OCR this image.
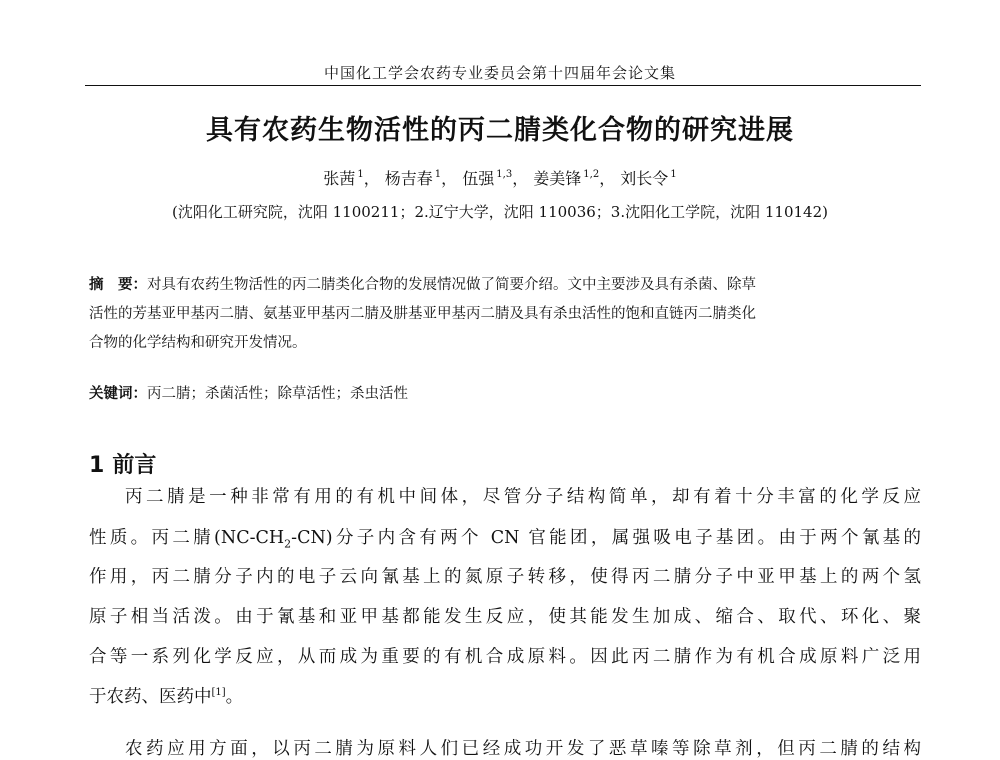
中国化工学会农药专业委员会第十四届年会论文集
具有农药生物活性的丙二腈类化合物的研究进展
张茜 $^1$， 杨吉春 $^1$， 伍强 $^{1,3}$， 姜美锋 $^{1,2}$， 刘长令 $^1$
(沈阳化工研究院，沈阳 1100211；2.辽宁大学，沈阳 110036；3.沈阳化工学院，沈阳 110142)
摘　要：对具有农药生物活性的丙二腈类化合物的发展情况做了简要介绍。文中主要涉及具有杀菌、除草
活性的芳基亚甲基丙二腈、氨基亚甲基丙二腈及肼基亚甲基丙二腈及具有杀虫活性的饱和直链丙二腈类化
合物的化学结构和研究开发情况。
关键词：丙二腈；杀菌活性；除草活性；杀虫活性
1 前言
丙二腈是一种非常有用的有机中间体，尽管分子结构简单，却有着十分丰富的化学反应
性质。丙二腈$(NC-CH_2-CN)$分子内含有两个 CN 官能团，属强吸电子基团。由于两个氰基的
作用，丙二腈分子内的电子云向氰基上的氮原子转移，使得丙二腈分子中亚甲基上的两个氢
原子相当活泼。由于氰基和亚甲基都能发生反应，使其能发生加成、缩合、取代、环化、聚
合等一系列化学反应，从而成为重要的有机合成原料。因此丙二腈作为有机合成原料广泛用
于农药、医药中[1]。
农药应用方面，以丙二腈为原料人们已经成功开发了恶草嗪等除草剂，但丙二腈的结构
